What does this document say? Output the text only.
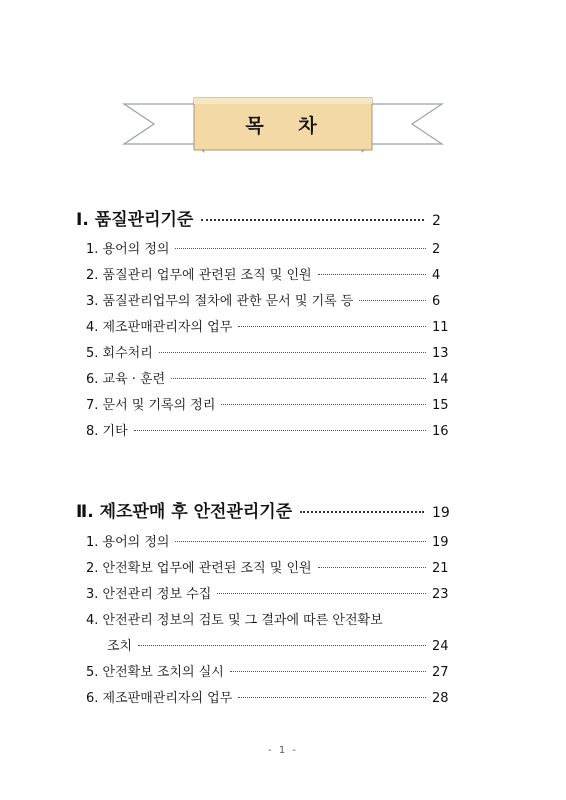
목 차
Ⅰ. 품질관리기준	2
1. 용어의 정의	2
2. 품질관리 업무에 관련된 조직 및 인원	4
3. 품질관리업무의 절차에 관한 문서 및 기록 등	6
4. 제조판매관리자의 업무	11
5. 회수처리	13
6. 교육 · 훈련	14
7. 문서 및 기록의 정리	15
8. 기타	16
Ⅱ. 제조판매 후 안전관리기준	19
1. 용어의 정의	19
2. 안전확보 업무에 관련된 조직 및 인원	21
3. 안전관리 정보 수집	23
4. 안전관리 정보의 검토 및 그 결과에 따른 안전확보
조치	24
5. 안전확보 조치의 실시	27
6. 제조판매관리자의 업무	28
- 1 -
